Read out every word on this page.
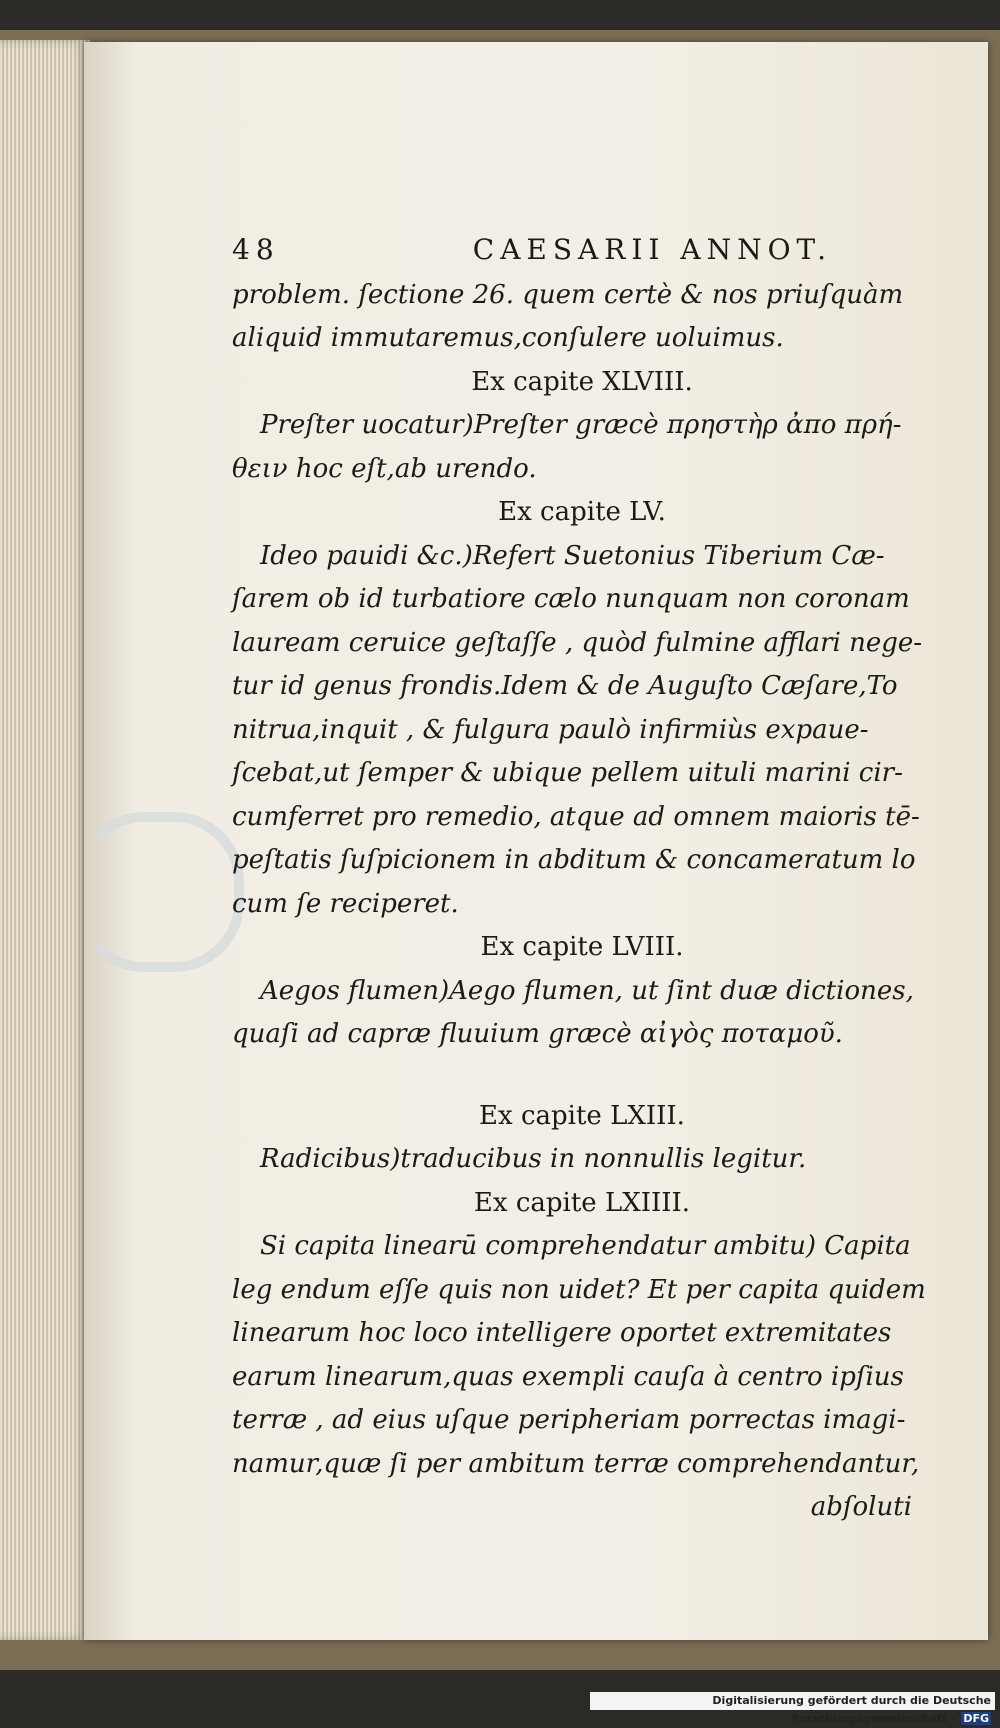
48	CAESARII ANNOT.
problem. ſectione 26. quem certè & nos priuſquàm
aliquid immutaremus,conſulere uoluimus.
Ex capite XLVIII.
Preſter uocatur)Preſter græcè πρηστὴρ ἀπο πρή-
θειν hoc eſt,ab urendo.
Ex capite LV.
Ideo pauidi &c.)Refert Suetonius Tiberium Cæ-
ſarem ob id turbatiore cælo nunquam non coronam
lauream ceruice geſtaſſe , quòd fulmine afflari nege-
tur id genus frondis.Idem & de Auguſto Cæſare,To
nitrua,inquit , & fulgura paulò infirmiùs expaue-
ſcebat,ut ſemper & ubique pellem uituli marini cir-
cumferret pro remedio, atque ad omnem maioris tē-
peſtatis ſuſpicionem in abditum & concameratum lo
cum ſe reciperet.
Ex capite LVIII.
Aegos flumen)Aego flumen, ut ſint duæ dictiones,
quaſi ad capræ fluuium græcè αἰγὸς ποταμοῦ.
Ex capite LXIII.
Radicibus)traducibus in nonnullis legitur.
Ex capite LXIIII.
Si capita linearū comprehendatur ambitu) Capita
leg endum eſſe quis non uidet? Et per capita quidem
linearum hoc loco intelligere oportet extremitates
earum linearum,quas exempli cauſa à centro ipſius
terræ , ad eius uſque peripheriam porrectas imagi-
namur,quæ ſi per ambitum terræ comprehendantur,
abſoluti
Digitalisierung gefördert durch die Deutsche Forschungsgemeinschaft - DFG
